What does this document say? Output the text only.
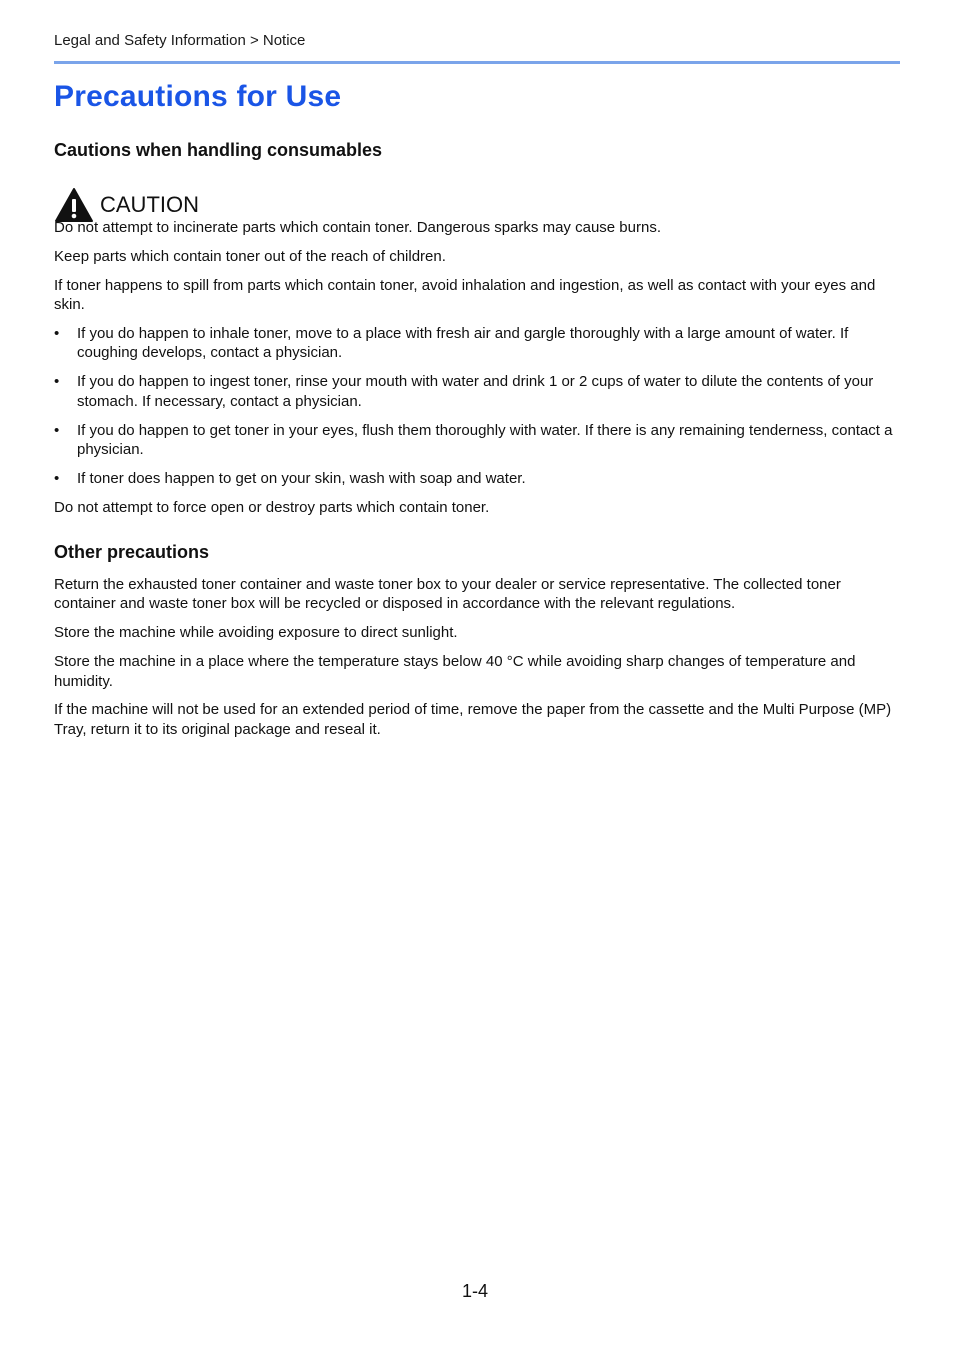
Legal and Safety Information > Notice
Precautions for Use
Cautions when handling consumables
CAUTION

Do not attempt to incinerate parts which contain toner. Dangerous sparks may cause burns.

Keep parts which contain toner out of the reach of children.

If toner happens to spill from parts which contain toner, avoid inhalation and ingestion, as well as contact with your eyes and skin.

•	If you do happen to inhale toner, move to a place with fresh air and gargle thoroughly with a large amount of water. If coughing develops, contact a physician.
•	If you do happen to ingest toner, rinse your mouth with water and drink 1 or 2 cups of water to dilute the contents of your stomach. If necessary, contact a physician.
•	If you do happen to get toner in your eyes, flush them thoroughly with water. If there is any remaining tenderness, contact a physician.
•	If toner does happen to get on your skin, wash with soap and water.

Do not attempt to force open or destroy parts which contain toner.

Other precautions

Return the exhausted toner container and waste toner box to your dealer or service representative. The collected toner container and waste toner box will be recycled or disposed in accordance with the relevant regulations.

Store the machine while avoiding exposure to direct sunlight.

Store the machine in a place where the temperature stays below 40 °C while avoiding sharp changes of temperature and humidity.

If the machine will not be used for an extended period of time, remove the paper from the cassette and the Multi Purpose (MP) Tray, return it to its original package and reseal it.

1-4
